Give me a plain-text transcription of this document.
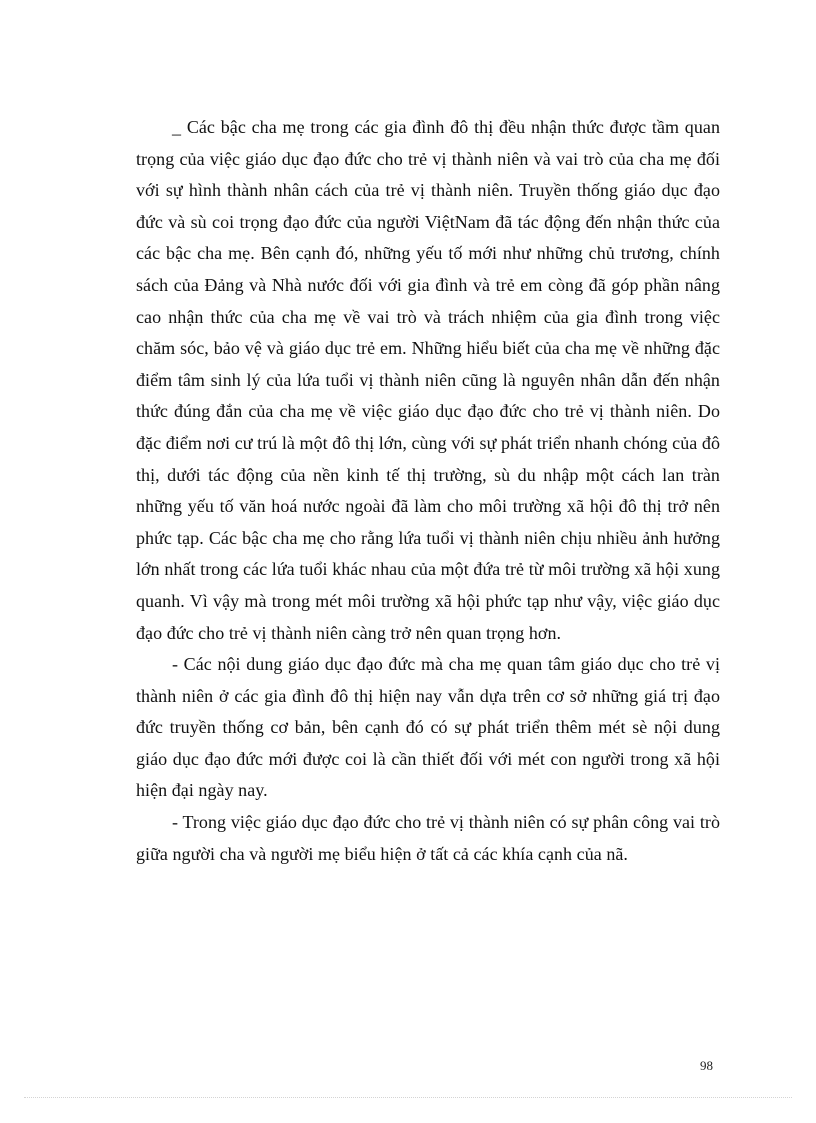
_ Các bậc cha mẹ trong các gia đình đô thị đều nhận thức được tầm quan trọng của việc giáo dục đạo đức cho trẻ vị thành niên và vai trò của cha mẹ đối với sự hình thành nhân cách của trẻ vị thành niên. Truyền thống giáo dục đạo đức và sù coi trọng đạo đức của người ViệtNam đã tác động đến nhận thức của các bậc cha mẹ. Bên cạnh đó, những yếu tố mới như những chủ trương, chính sách của Đảng và Nhà nước đối với gia đình và trẻ em còng đã góp phần nâng cao nhận thức của cha mẹ về vai trò và trách nhiệm của gia đình trong việc chăm sóc, bảo vệ và giáo dục trẻ em. Những hiểu biết của cha mẹ về những đặc điểm tâm sinh lý của lứa tuổi vị thành niên cũng là nguyên nhân dẫn đến nhận thức đúng đắn của cha mẹ về việc giáo dục đạo đức cho trẻ vị thành niên. Do đặc điểm nơi cư trú là một đô thị lớn, cùng với sự phát triển nhanh chóng của đô thị, dưới tác động của nền kinh tế thị trường, sù du nhập một cách lan tràn những yếu tố văn hoá nước ngoài đã làm cho môi trường xã hội đô thị trở nên phức tạp. Các bậc cha mẹ cho rằng lứa tuổi vị thành niên chịu nhiều ảnh hưởng lớn nhất trong các lứa tuổi khác nhau của một đứa trẻ từ môi trường xã hội xung quanh. Vì vậy mà trong mét môi trường xã hội phức tạp như vậy, việc giáo dục đạo đức cho trẻ vị thành niên càng trở nên quan trọng hơn.

- Các nội dung giáo dục đạo đức mà cha mẹ quan tâm giáo dục cho trẻ vị thành niên ở các gia đình đô thị hiện nay vẫn dựa trên cơ sở những giá trị đạo đức truyền thống cơ bản, bên cạnh đó có sự phát triển thêm mét sè nội dung giáo dục đạo đức mới được coi là cần thiết đối với mét con người trong xã hội hiện đại ngày nay.

- Trong việc giáo dục đạo đức cho trẻ vị thành niên có sự phân công vai trò giữa người cha và người mẹ biểu hiện ở tất cả các khía cạnh của nã.

98
